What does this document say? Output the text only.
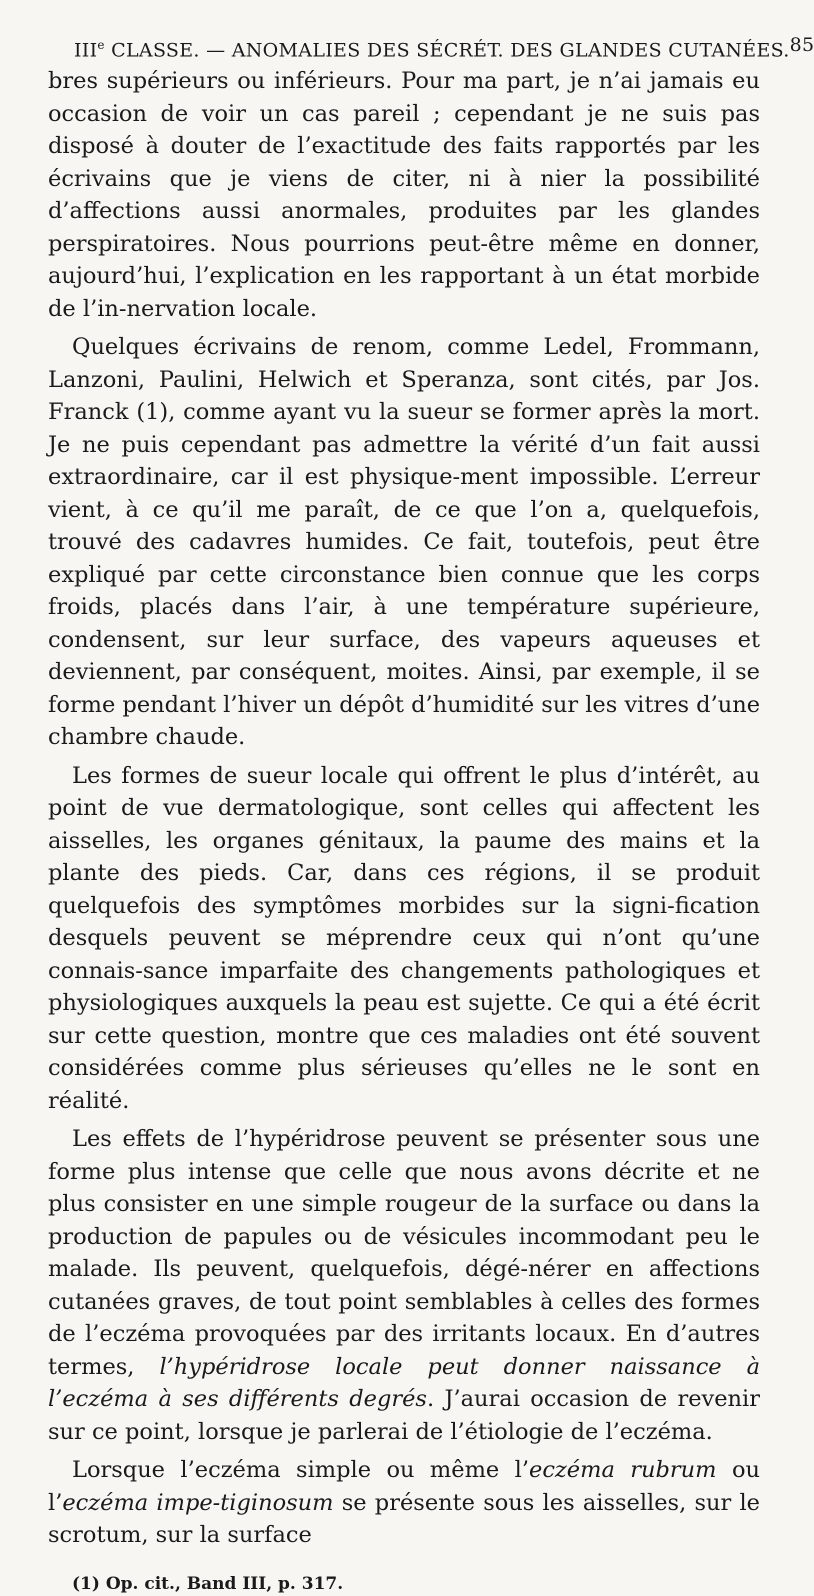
IIIe CLASSE. — ANOMALIES DES SÉCRÉT. DES GLANDES CUTANÉES. 85

bres supérieurs ou inférieurs. Pour ma part, je n’ai jamais eu occasion de voir un cas pareil ; cependant je ne suis pas disposé à douter de l’exactitude des faits rapportés par les écrivains que je viens de citer, ni à nier la possibilité d’affections aussi anormales, produites par les glandes perspiratoires. Nous pourrions peut-être même en donner, aujourd’hui, l’explication en les rapportant à un état morbide de l’in-nervation locale.

Quelques écrivains de renom, comme Ledel, Frommann, Lanzoni, Paulini, Helwich et Speranza, sont cités, par Jos. Franck (1), comme ayant vu la sueur se former après la mort. Je ne puis cependant pas admettre la vérité d’un fait aussi extraordinaire, car il est physique-ment impossible. L’erreur vient, à ce qu’il me paraît, de ce que l’on a, quelquefois, trouvé des cadavres humides. Ce fait, toutefois, peut être expliqué par cette circonstance bien connue que les corps froids, placés dans l’air, à une température supérieure, condensent, sur leur surface, des vapeurs aqueuses et deviennent, par conséquent, moites. Ainsi, par exemple, il se forme pendant l’hiver un dépôt d’humidité sur les vitres d’une chambre chaude.

Les formes de sueur locale qui offrent le plus d’intérêt, au point de vue dermatologique, sont celles qui affectent les aisselles, les organes génitaux, la paume des mains et la plante des pieds. Car, dans ces régions, il se produit quelquefois des symptômes morbides sur la signi-fication desquels peuvent se méprendre ceux qui n’ont qu’une connais-sance imparfaite des changements pathologiques et physiologiques auxquels la peau est sujette. Ce qui a été écrit sur cette question, montre que ces maladies ont été souvent considérées comme plus sérieuses qu’elles ne le sont en réalité.

Les effets de l’hypéridrose peuvent se présenter sous une forme plus intense que celle que nous avons décrite et ne plus consister en une simple rougeur de la surface ou dans la production de papules ou de vésicules incommodant peu le malade. Ils peuvent, quelquefois, dégé-nérer en affections cutanées graves, de tout point semblables à celles des formes de l’eczéma provoquées par des irritants locaux. En d’autres termes, l’hypéridrose locale peut donner naissance à l’eczéma à ses différents degrés. J’aurai occasion de revenir sur ce point, lorsque je parlerai de l’étiologie de l’eczéma.

Lorsque l’eczéma simple ou même l’eczéma rubrum ou l’eczéma impe-tiginosum se présente sous les aisselles, sur le scrotum, sur la surface

(1) Op. cit., Band III, p. 317.
